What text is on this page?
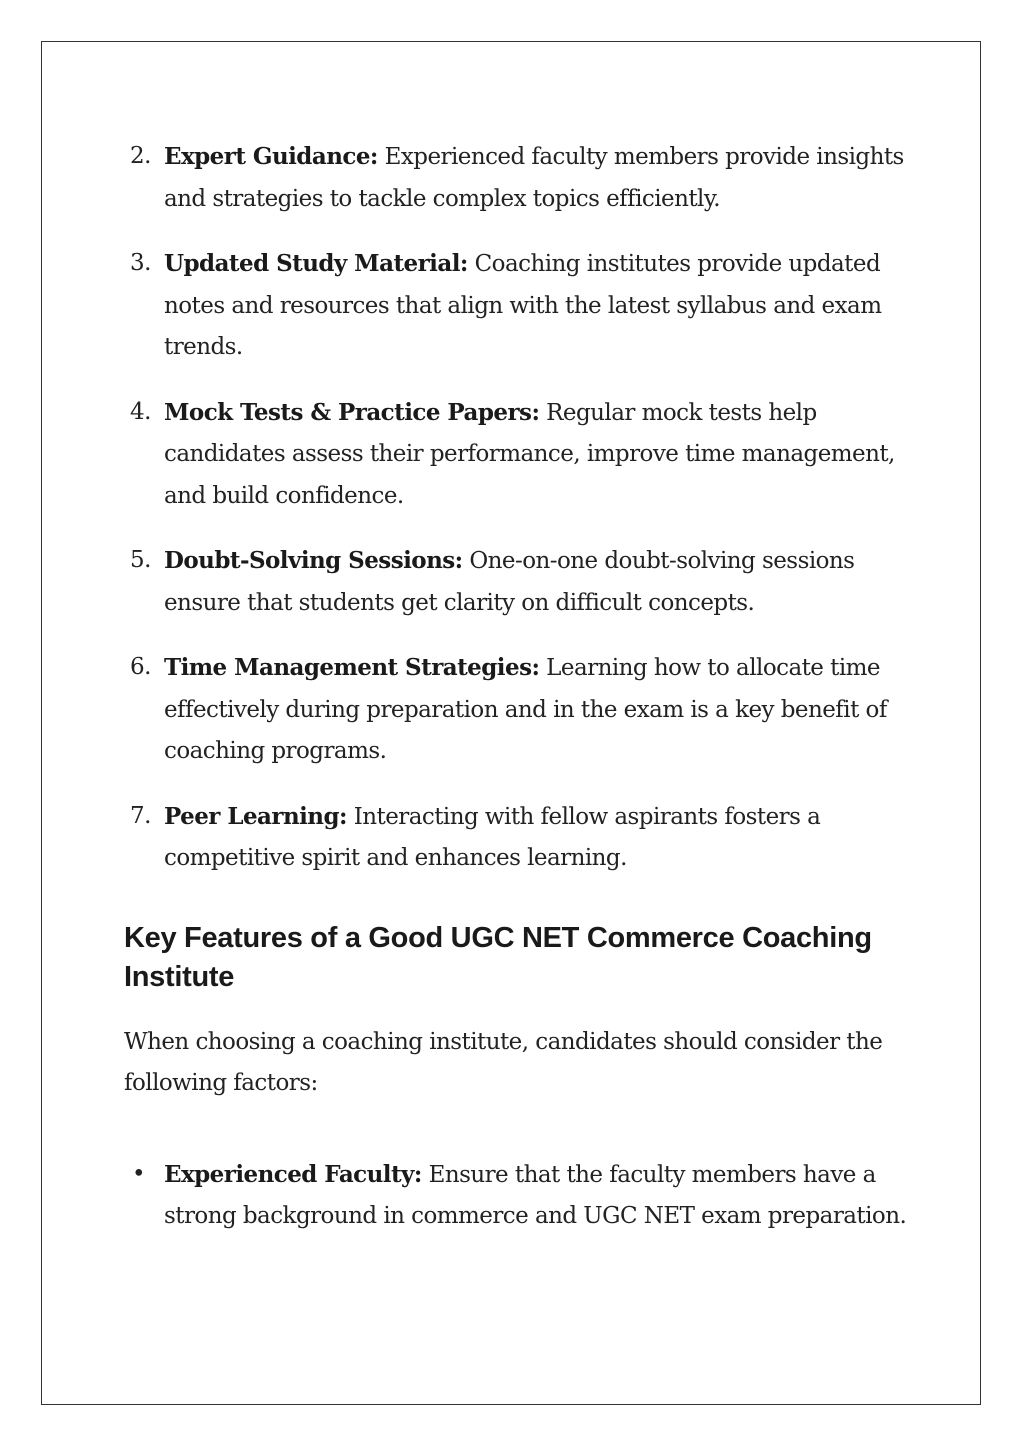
2. Expert Guidance: Experienced faculty members provide insights and strategies to tackle complex topics efficiently.
3. Updated Study Material: Coaching institutes provide updated notes and resources that align with the latest syllabus and exam trends.
4. Mock Tests & Practice Papers: Regular mock tests help candidates assess their performance, improve time management, and build confidence.
5. Doubt-Solving Sessions: One-on-one doubt-solving sessions ensure that students get clarity on difficult concepts.
6. Time Management Strategies: Learning how to allocate time effectively during preparation and in the exam is a key benefit of coaching programs.
7. Peer Learning: Interacting with fellow aspirants fosters a competitive spirit and enhances learning.
Key Features of a Good UGC NET Commerce Coaching Institute

When choosing a coaching institute, candidates should consider the following factors:

• Experienced Faculty: Ensure that the faculty members have a strong background in commerce and UGC NET exam preparation.
